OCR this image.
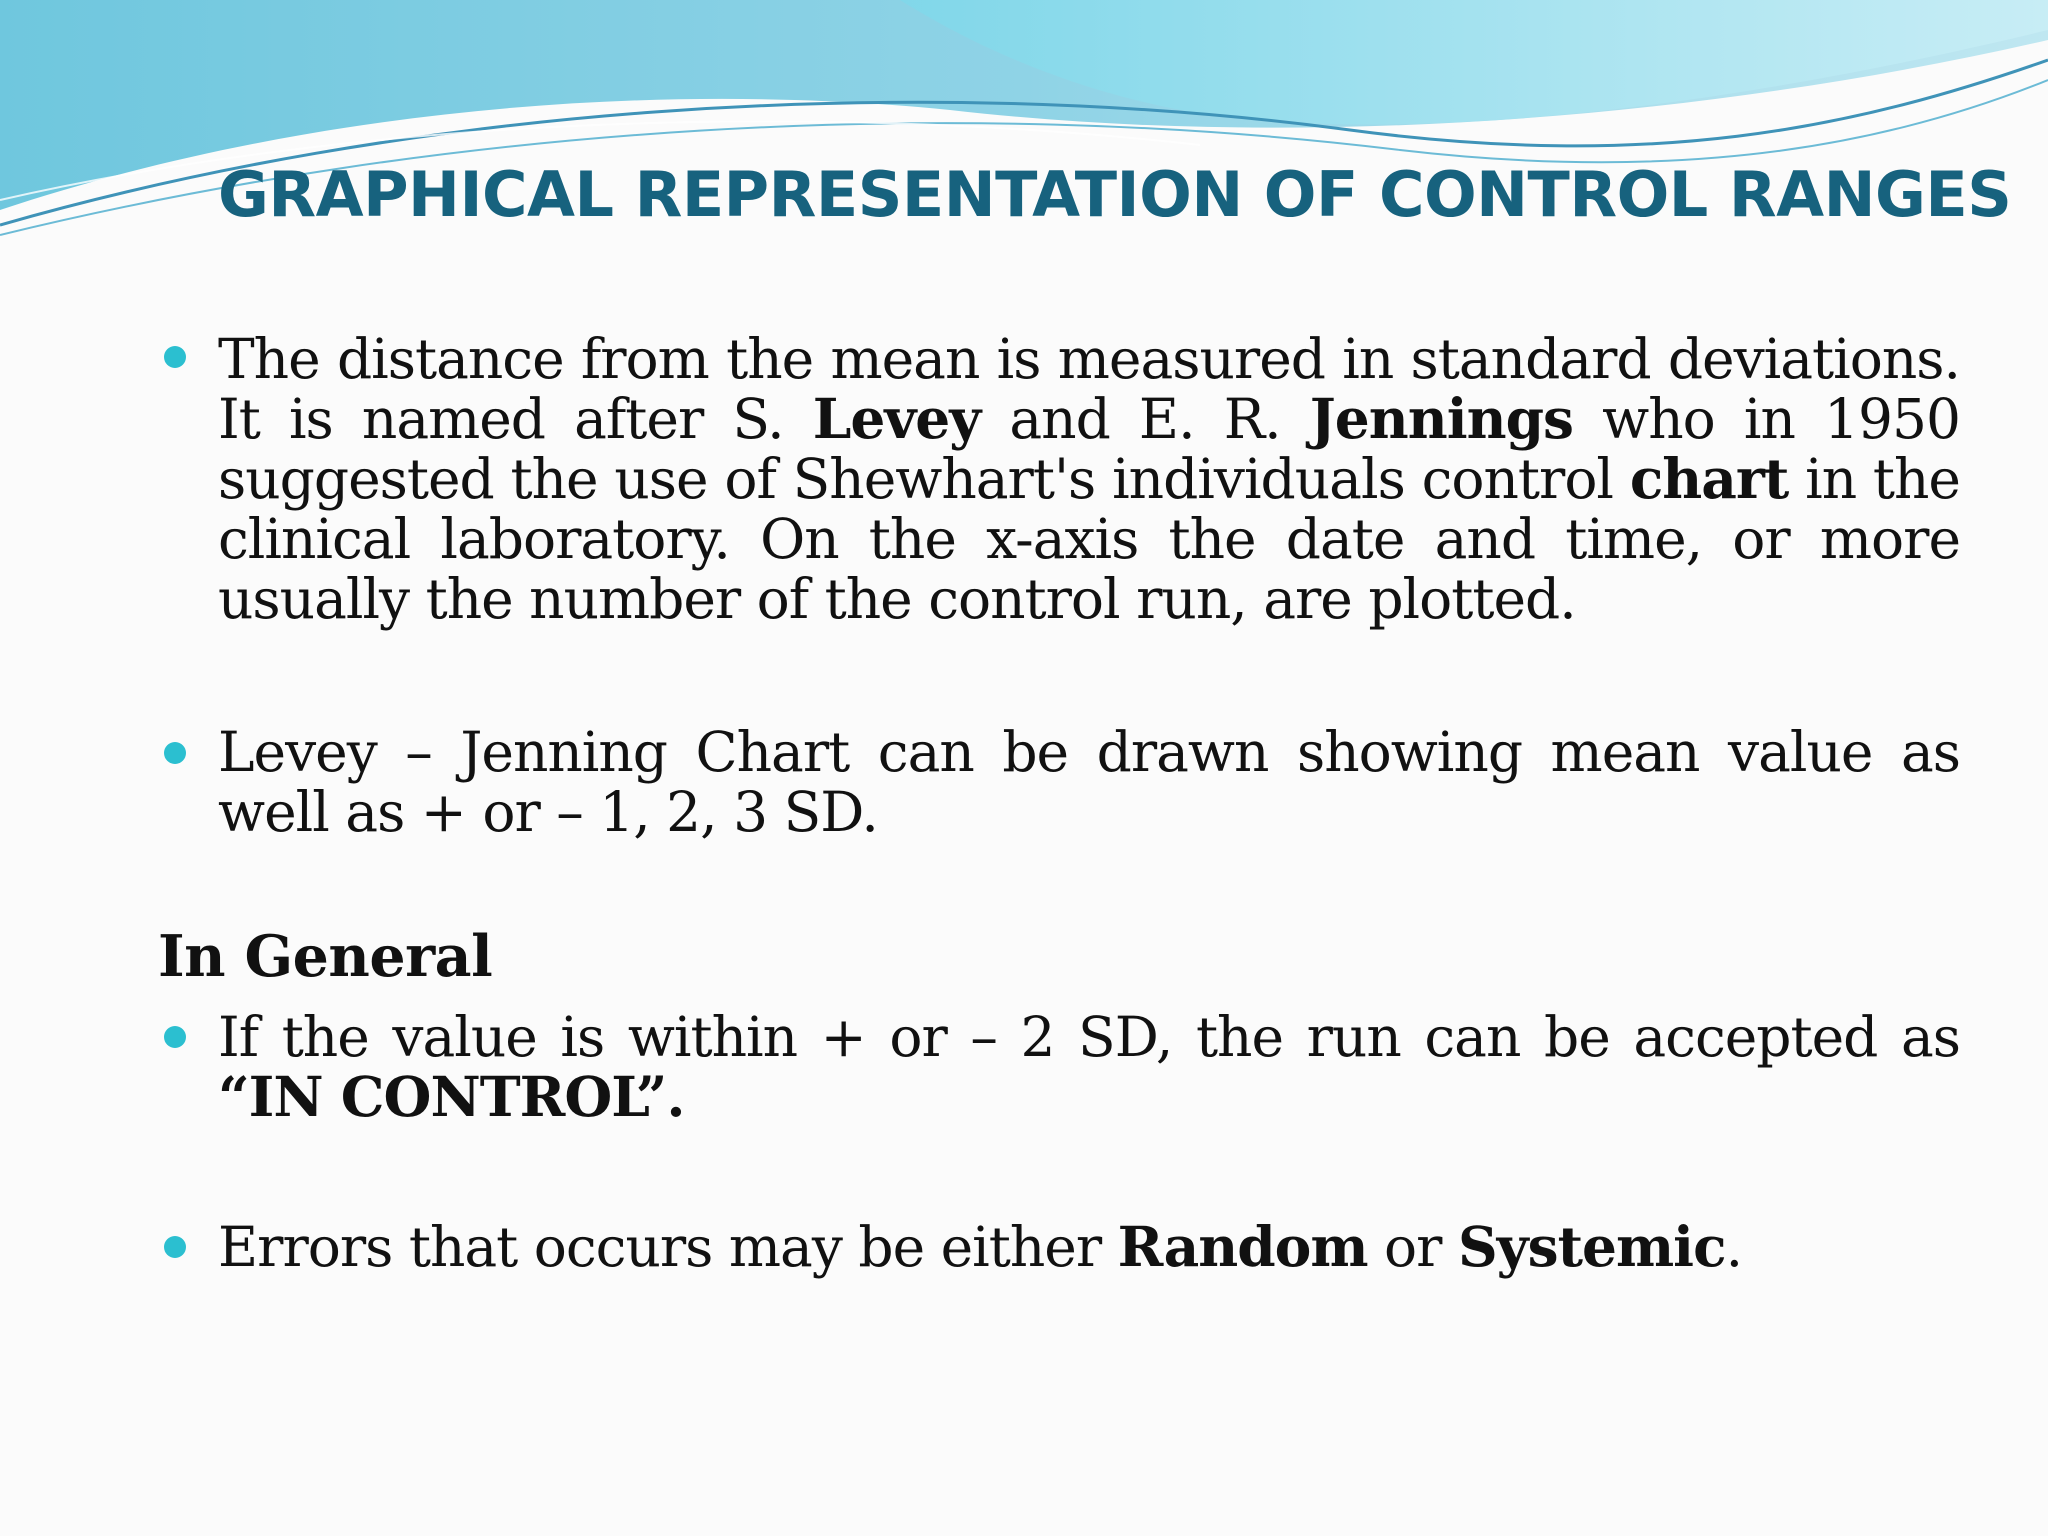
GRAPHICAL REPRESENTATION OF CONTROL RANGES
The distance from the mean is measured in standard deviations. It is named after S. Levey and E. R. Jennings who in 1950 suggested the use of Shewhart's individuals control chart in the clinical laboratory. On the x-axis the date and time, or more usually the number of the control run, are plotted.
Levey – Jenning Chart can be drawn showing mean value as well as + or – 1, 2, 3 SD.
In General
If the value is within + or – 2 SD, the run can be accepted as “IN CONTROL”.
Errors that occurs may be either Random or Systemic.
